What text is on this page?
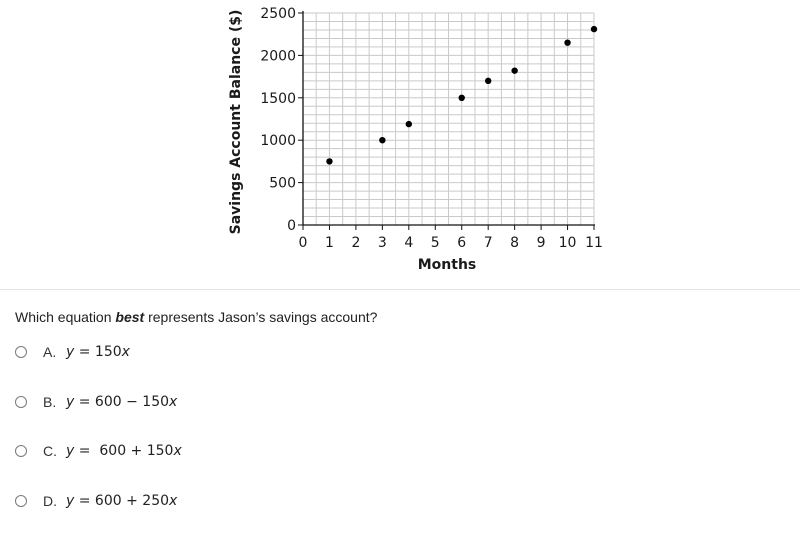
0
500
1000
1500
2000
2500
0 1 2 3 4 5 6 7 8 9 10 11
Months
Savings Account Balance ($)
Which equation best represents Jason’s savings account?
A. y = 150x
B. y = 600 − 150x
C. y =  600 + 150x
D. y = 600 + 250x
